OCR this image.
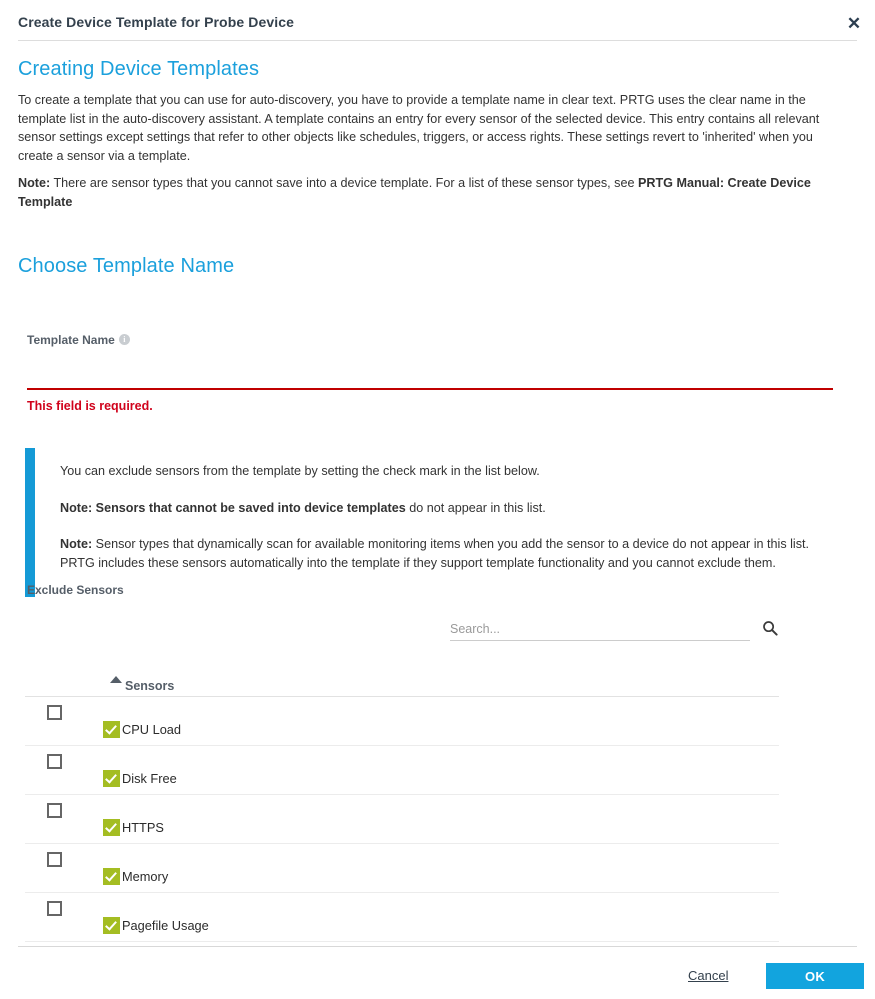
Create Device Template for Probe Device	✕
Creating Device Templates

To create a template that you can use for auto-discovery, you have to provide a template name in clear text. PRTG uses the clear name in the template list in the auto-discovery assistant. A template contains an entry for every sensor of the selected device. This entry contains all relevant sensor settings except settings that refer to other objects like schedules, triggers, or access rights. These settings revert to 'inherited' when you create a sensor via a template.

Note: There are sensor types that you cannot save into a device template. For a list of these sensor types, see PRTG Manual: Create Device Template

Choose Template Name
Template Name i
This field is required.

You can exclude sensors from the template by setting the check mark in the list below.

Note: Sensors that cannot be saved into device templates do not appear in this list.

Note: Sensor types that dynamically scan for available monitoring items when you add the sensor to a device do not appear in this list. PRTG includes these sensors automatically into the template if they support template functionality and you cannot exclude them.

Exclude Sensors
Search...
Sensors
CPU Load
Disk Free
HTTPS
Memory
Pagefile Usage
Cancel	OK
